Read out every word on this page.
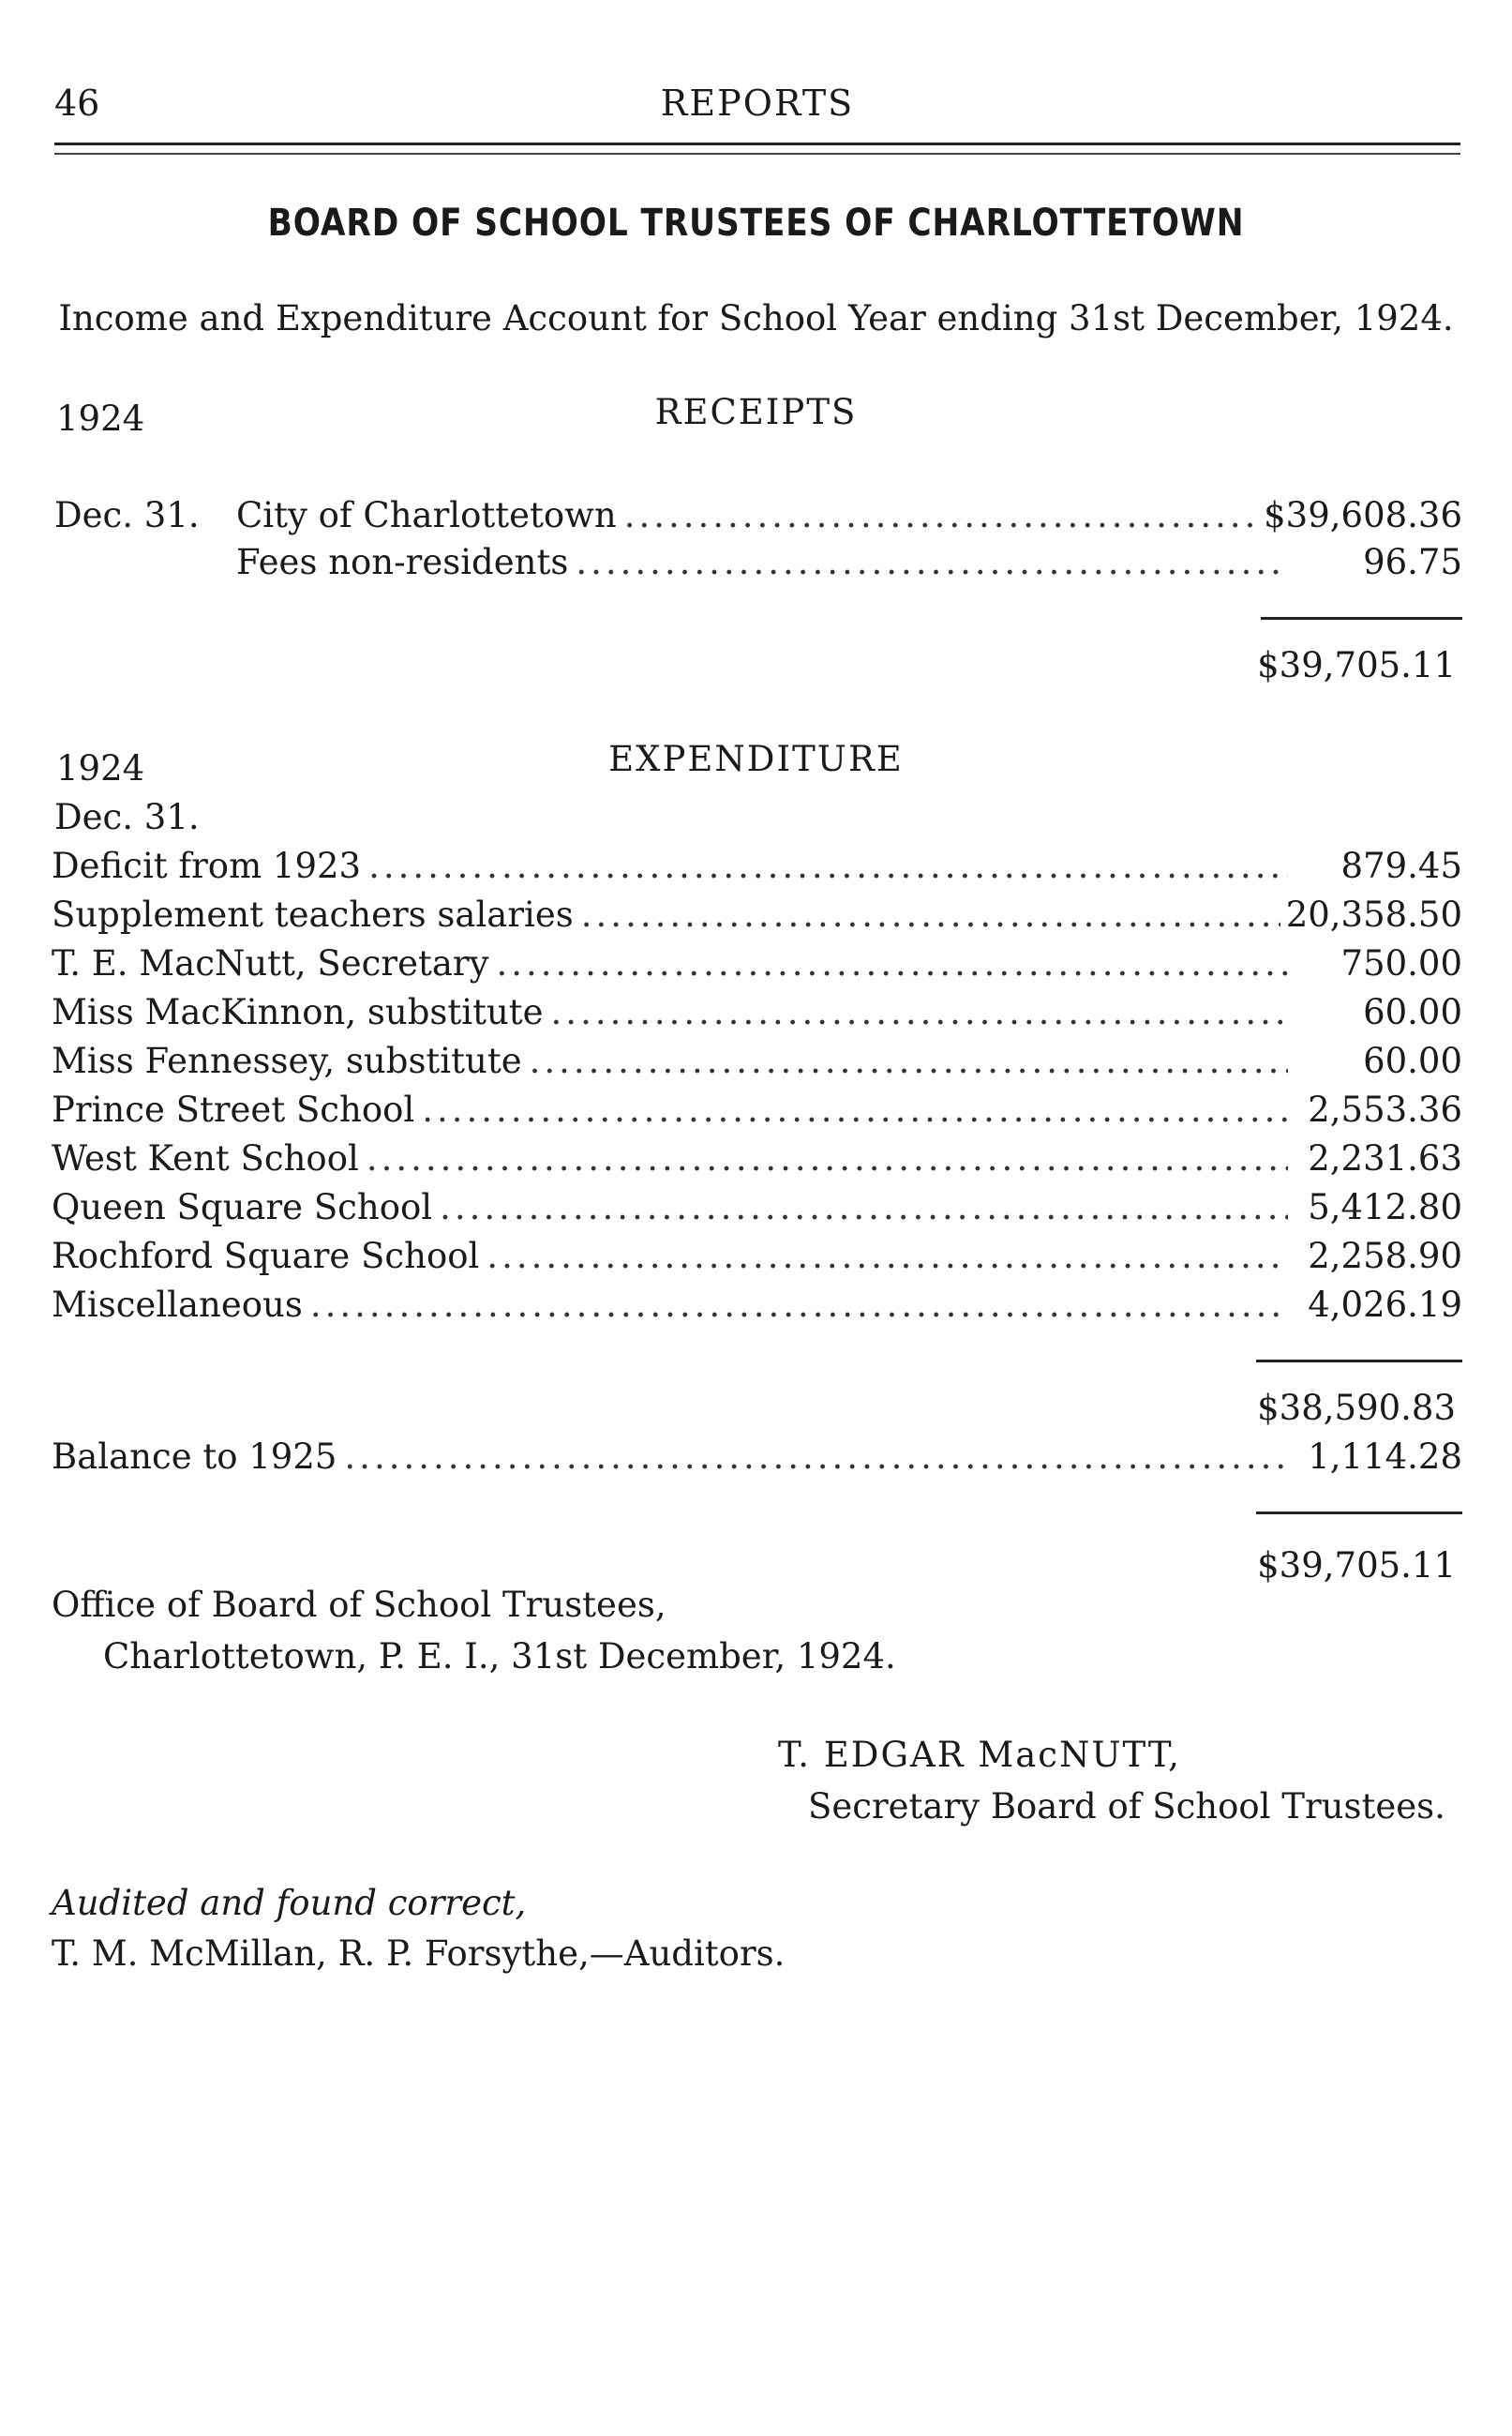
46	REPORTS
BOARD OF SCHOOL TRUSTEES OF CHARLOTTETOWN
Income and Expenditure Account for School Year ending 31st December, 1924.
1924	RECEIPTS
Dec. 31. City of Charlottetown .....	$39,608.36
Fees non-residents .....	96.75
$39,705.11
1924	EXPENDITURE
Dec. 31.
Deficit from 1923 .....	879.45
Supplement teachers salaries .....	20,358.50
T. E. MacNutt, Secretary .....	750.00
Miss MacKinnon, substitute .....	60.00
Miss Fennessey, substitute .....	60.00
Prince Street School .....	2,553.36
West Kent School .....	2,231.63
Queen Square School .....	5,412.80
Rochford Square School .....	2,258.90
Miscellaneous .....	4,026.19
$38,590.83
Balance to 1925 .....	1,114.28
$39,705.11
Office of Board of School Trustees,
Charlottetown, P. E. I., 31st December, 1924.
T. EDGAR MacNUTT,
Secretary Board of School Trustees.
Audited and found correct,
T. M. McMillan, R. P. Forsythe,—Auditors.
